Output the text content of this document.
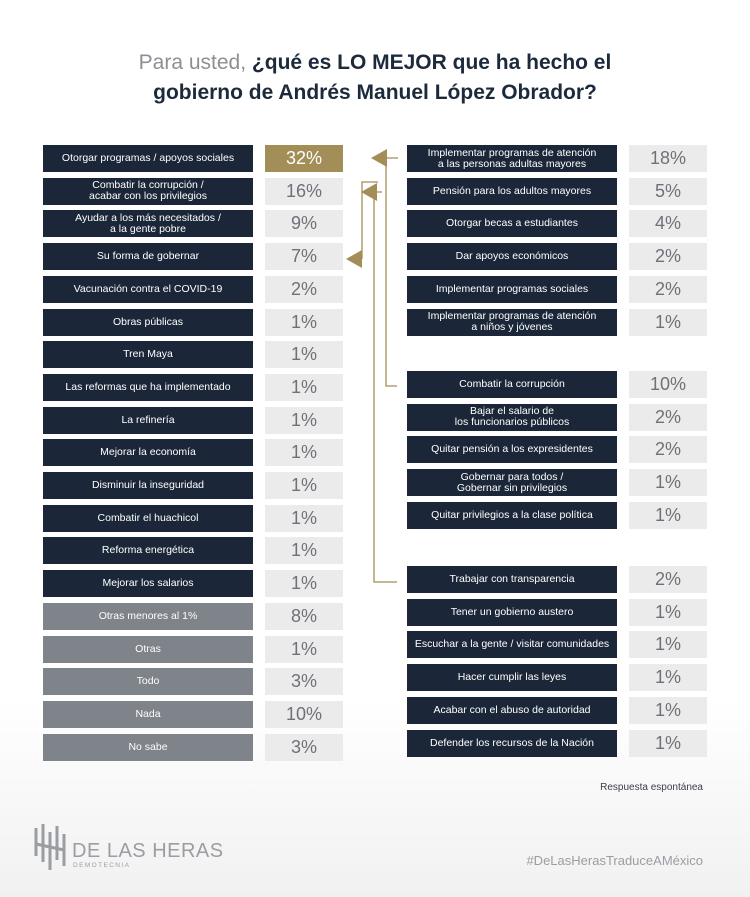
Para usted, ¿qué es LO MEJOR que ha hecho el
gobierno de Andrés Manuel López Obrador?
Otorgar programas / apoyos sociales	32%
Combatir la corrupción /
acabar con los privilegios	16%
Ayudar a los más necesitados /
a la gente pobre	9%
Su forma de gobernar	7%
Vacunación contra el COVID-19	2%
Obras públicas	1%
Tren Maya	1%
Las reformas que ha implementado	1%
La refinería	1%
Mejorar la economía	1%
Disminuir la inseguridad	1%
Combatir el huachicol	1%
Reforma energética	1%
Mejorar los salarios	1%
Otras menores al 1%	8%
Otras	1%
Todo	3%
Nada	10%
No sabe	3%
Implementar programas de atención
a las personas adultas mayores	18%
Pensión para los adultos mayores	5%
Otorgar becas a estudiantes	4%
Dar apoyos económicos	2%
Implementar programas sociales	2%
Implementar programas de atención
a niños y jóvenes	1%
Combatir la corrupción	10%
Bajar el salario de
los funcionarios públicos	2%
Quitar pensión a los expresidentes	2%
Gobernar para todos /
Gobernar sin privilegios	1%
Quitar privilegios a la clase política	1%
Trabajar con transparencia	2%
Tener un gobierno austero	1%
Escuchar a la gente / visitar comunidades	1%
Hacer cumplir las leyes	1%
Acabar con el abuso de autoridad	1%
Defender los recursos de la Nación	1%
Respuesta espontánea
DE LAS HERAS
DEMOTECNIA	#DeLasHerasTraduceAMéxico
